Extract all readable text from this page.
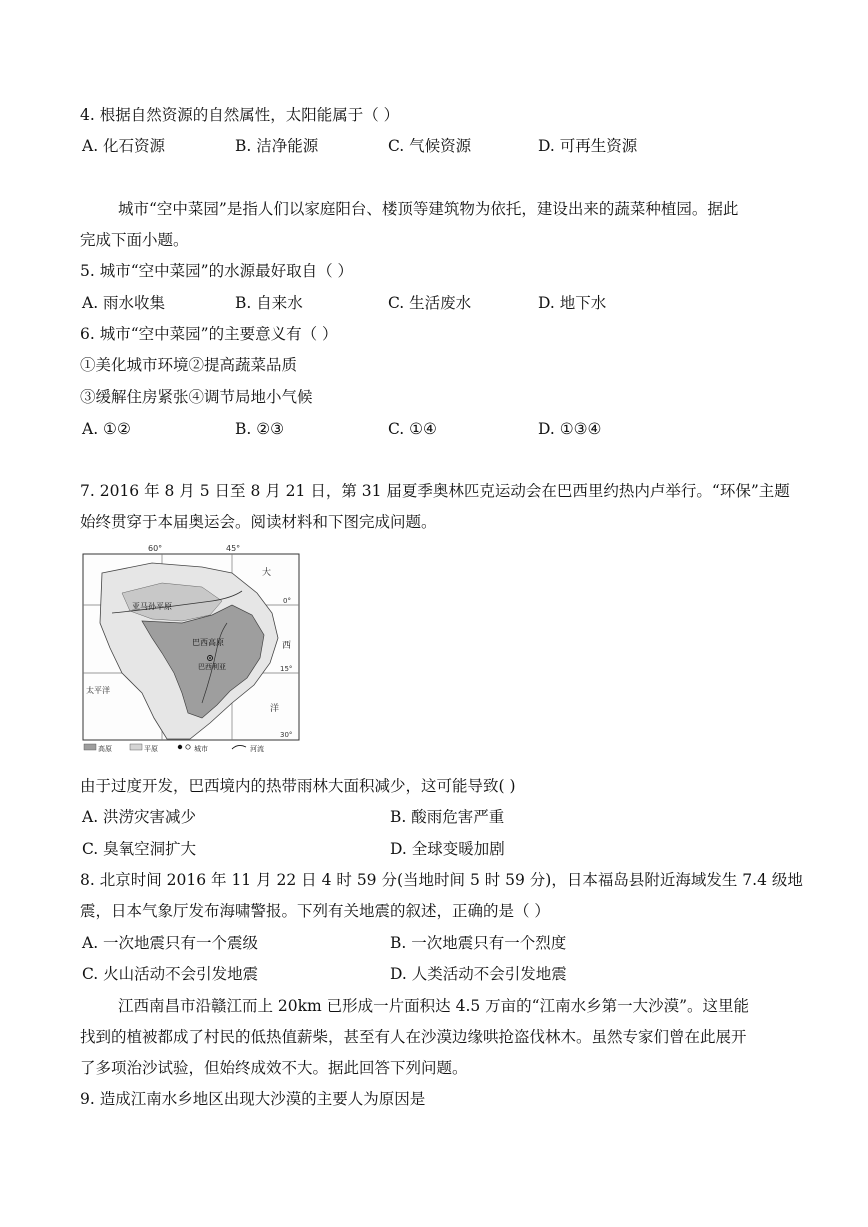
4. 根据自然资源的自然属性，太阳能属于（ ）
A. 化石资源	B. 洁净能源	C. 气候资源	D. 可再生资源
城市“空中菜园”是指人们以家庭阳台、楼顶等建筑物为依托，建设出来的蔬菜种植园。据此
完成下面小题。
5. 城市“空中菜园”的水源最好取自（ ）
A. 雨水收集	B. 自来水	C. 生活废水	D. 地下水
6. 城市“空中菜园”的主要意义有（ ）
①美化城市环境②提高蔬菜品质
③缓解住房紧张④调节局地小气候
A. ①②	B. ②③	C. ①④	D. ①③④
7. 2016 年 8 月 5 日至 8 月 21 日，第 31 届夏季奥林匹克运动会在巴西里约热内卢举行。“环保”主题
始终贯穿于本届奥运会。阅读材料和下图完成问题。
60°	45°
0°
15°
30°
大
西
洋
太平洋
亚马孙平原
巴西高原
巴西利亚
高原	平原	城市	河流
由于过度开发，巴西境内的热带雨林大面积减少，这可能导致( )
A. 洪涝灾害减少	B. 酸雨危害严重
C. 臭氧空洞扩大	D. 全球变暖加剧
8. 北京时间 2016 年 11 月 22 日 4 时 59 分(当地时间 5 时 59 分)，日本福岛县附近海域发生 7.4 级地
震，日本气象厅发布海啸警报。下列有关地震的叙述，正确的是（ ）
A. 一次地震只有一个震级	B. 一次地震只有一个烈度
C. 火山活动不会引发地震	D. 人类活动不会引发地震
江西南昌市沿赣江而上 20km 已形成一片面积达 4.5 万亩的“江南水乡第一大沙漠”。这里能
找到的植被都成了村民的低热值薪柴，甚至有人在沙漠边缘哄抢盗伐林木。虽然专家们曾在此展开
了多项治沙试验，但始终成效不大。据此回答下列问题。
9. 造成江南水乡地区出现大沙漠的主要人为原因是
